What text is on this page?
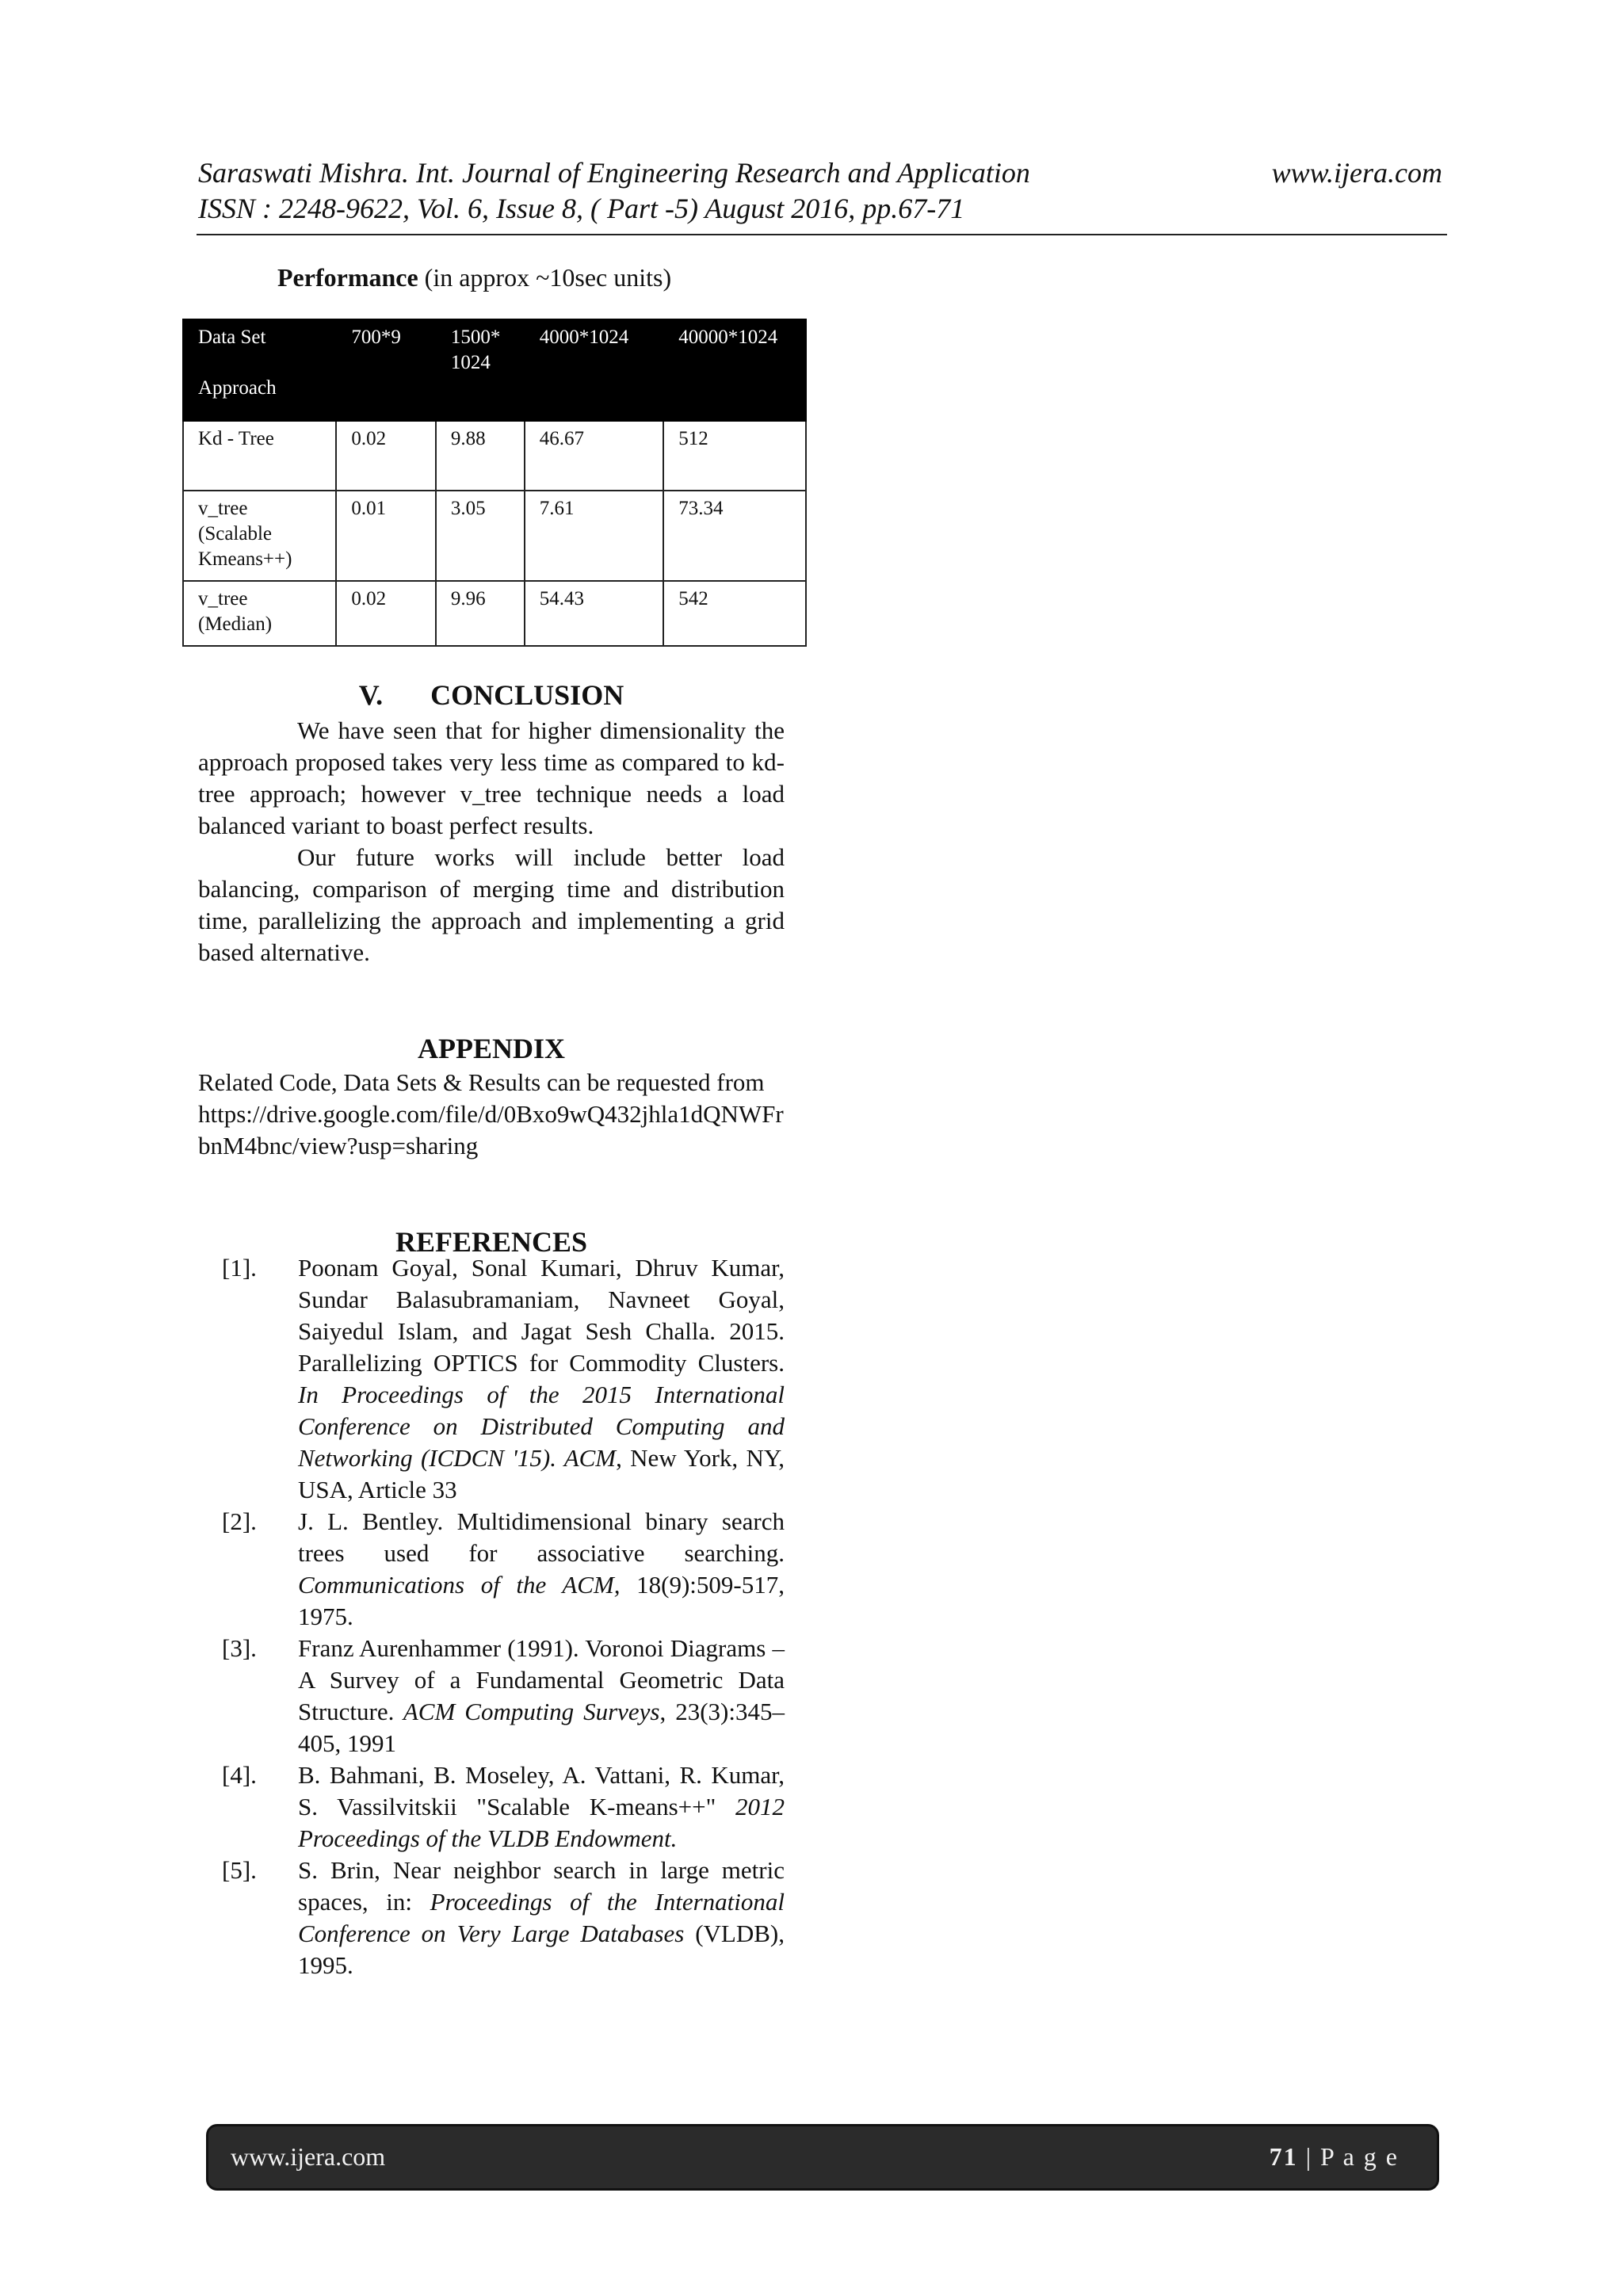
Saraswati Mishra. Int. Journal of Engineering Research and Application
ISSN : 2248-9622, Vol. 6, Issue 8, ( Part -5) August 2016, pp.67-71
www.ijera.com
Performance (in approx ~10sec units)
Data Set
Approach	700*9	1500* 1024	4000*1024	40000*1024
Kd - Tree	0.02	9.88	46.67	512
v_tree (Scalable Kmeans++)	0.01	3.05	7.61	73.34
v_tree (Median)	0.02	9.96	54.43	542
V. CONCLUSION

We have seen that for higher dimensionality the approach proposed takes very less time as compared to kd-tree approach; however v_tree technique needs a load balanced variant to boast perfect results.

Our future works will include better load balancing, comparison of merging time and distribution time, parallelizing the approach and implementing a grid based alternative.

APPENDIX

Related Code, Data Sets & Results can be requested from

https://drive.google.com/file/d/0Bxo9wQ432jhla1dQNWFrbnM4bnc/view?usp=sharing

REFERENCES
[1].	Poonam Goyal, Sonal Kumari, Dhruv Kumar, Sundar Balasubramaniam, Navneet Goyal, Saiyedul Islam, and Jagat Sesh Challa. 2015. Parallelizing OPTICS for Commodity Clusters. In Proceedings of the 2015 International Conference on Distributed Computing and Networking (ICDCN '15). ACM, New York, NY, USA, Article 33
[2].	J. L. Bentley. Multidimensional binary search trees used for associative searching. Communications of the ACM, 18(9):509-517, 1975.
[3].	Franz Aurenhammer (1991). Voronoi Diagrams – A Survey of a Fundamental Geometric Data Structure. ACM Computing Surveys, 23(3):345–405, 1991
[4].	B. Bahmani, B. Moseley, A. Vattani, R. Kumar, S. Vassilvitskii "Scalable K-means++" 2012 Proceedings of the VLDB Endowment.
[5].	S. Brin, Near neighbor search in large metric spaces, in: Proceedings of the International Conference on Very Large Databases (VLDB), 1995.
www.ijera.com	71 | P a g e
